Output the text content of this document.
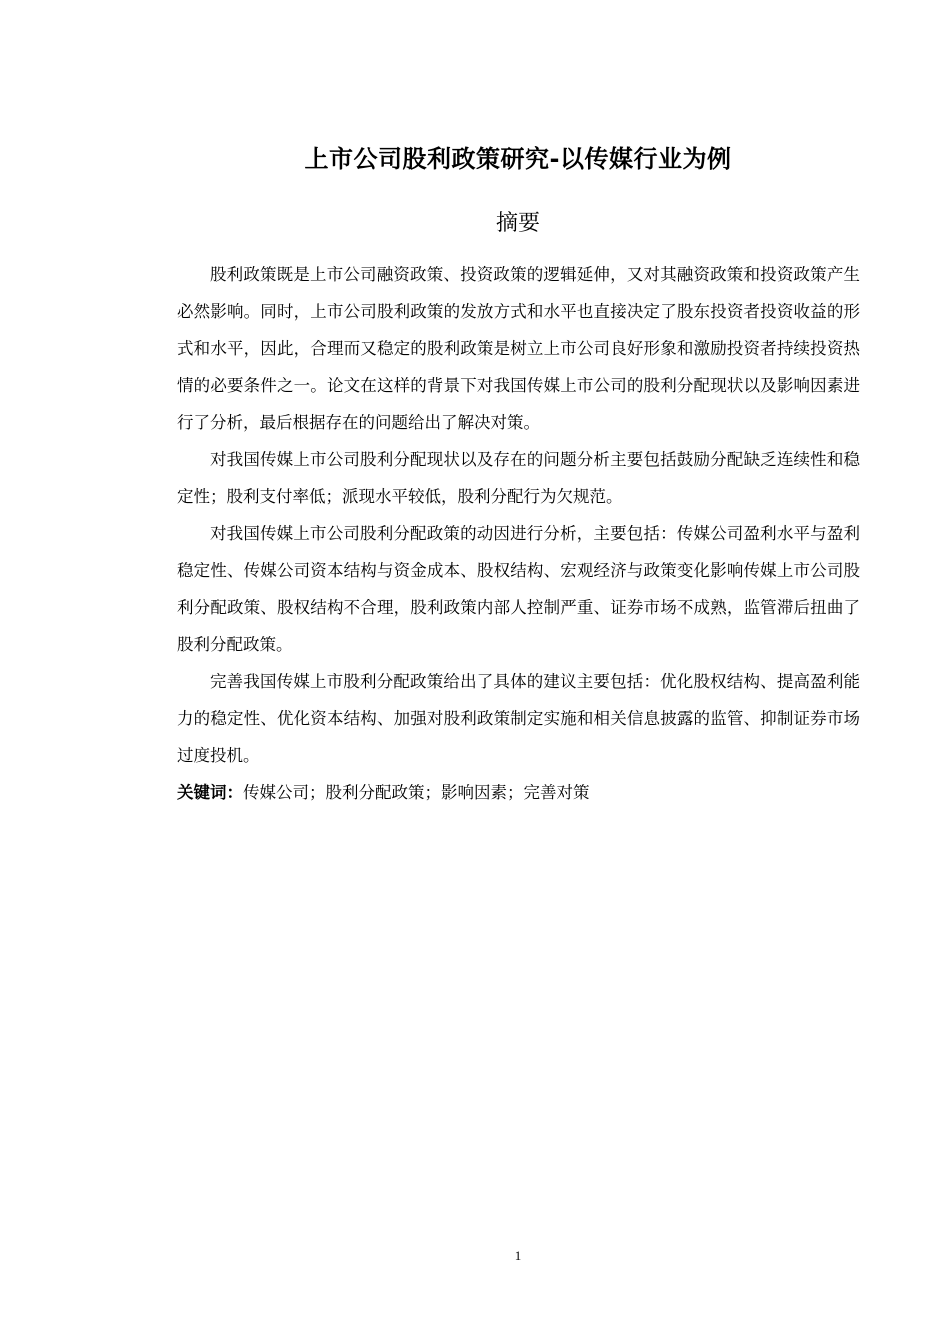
上市公司股利政策研究-以传媒行业为例
摘要

股利政策既是上市公司融资政策、投资政策的逻辑延伸，又对其融资政策和投资政策产生必然影响。同时，上市公司股利政策的发放方式和水平也直接决定了股东投资者投资收益的形式和水平，因此，合理而又稳定的股利政策是树立上市公司良好形象和激励投资者持续投资热情的必要条件之一。论文在这样的背景下对我国传媒上市公司的股利分配现状以及影响因素进行了分析，最后根据存在的问题给出了解决对策。

对我国传媒上市公司股利分配现状以及存在的问题分析主要包括鼓励分配缺乏连续性和稳定性；股利支付率低；派现水平较低，股利分配行为欠规范。

对我国传媒上市公司股利分配政策的动因进行分析，主要包括：传媒公司盈利水平与盈利稳定性、传媒公司资本结构与资金成本、股权结构、宏观经济与政策变化影响传媒上市公司股利分配政策、股权结构不合理，股利政策内部人控制严重、证券市场不成熟，监管滞后扭曲了股利分配政策。

完善我国传媒上市股利分配政策给出了具体的建议主要包括：优化股权结构、提高盈利能力的稳定性、优化资本结构、加强对股利政策制定实施和相关信息披露的监管、抑制证券市场过度投机。

关键词：传媒公司；股利分配政策；影响因素；完善对策
1
